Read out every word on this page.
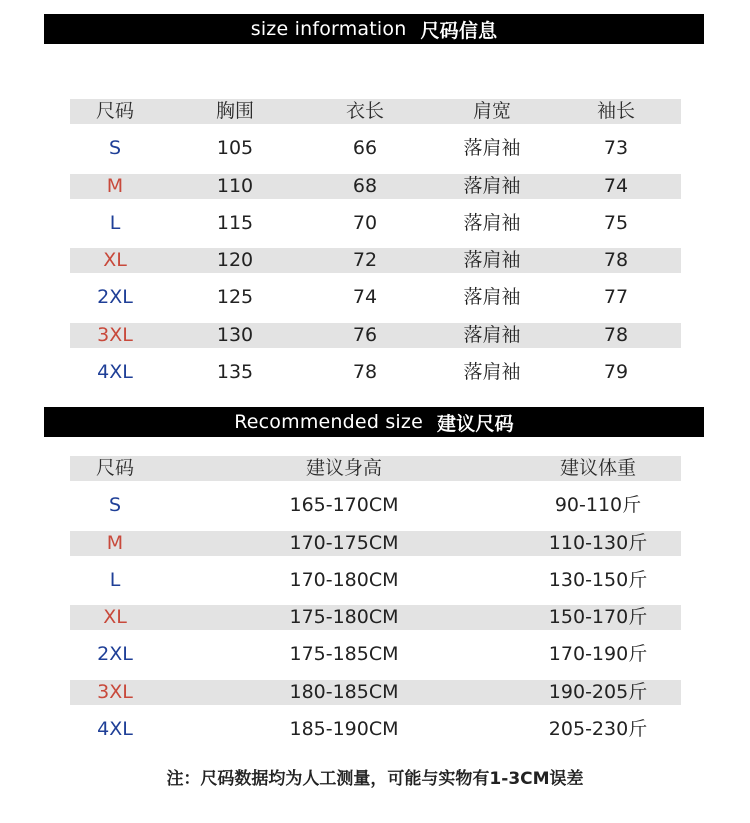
size information 尺码信息
尺码	胸围	衣长	肩宽	袖长
S	105	66	落肩袖	73
M	110	68	落肩袖	74
L	115	70	落肩袖	75
XL	120	72	落肩袖	78
2XL	125	74	落肩袖	77
3XL	130	76	落肩袖	78
4XL	135	78	落肩袖	79
Recommended size 建议尺码
尺码	建议身高	建议体重
S	165-170CM	90-110斤
M	170-175CM	110-130斤
L	170-180CM	130-150斤
XL	175-180CM	150-170斤
2XL	175-185CM	170-190斤
3XL	180-185CM	190-205斤
4XL	185-190CM	205-230斤
注：尺码数据均为人工测量，可能与实物有1-3CM误差
